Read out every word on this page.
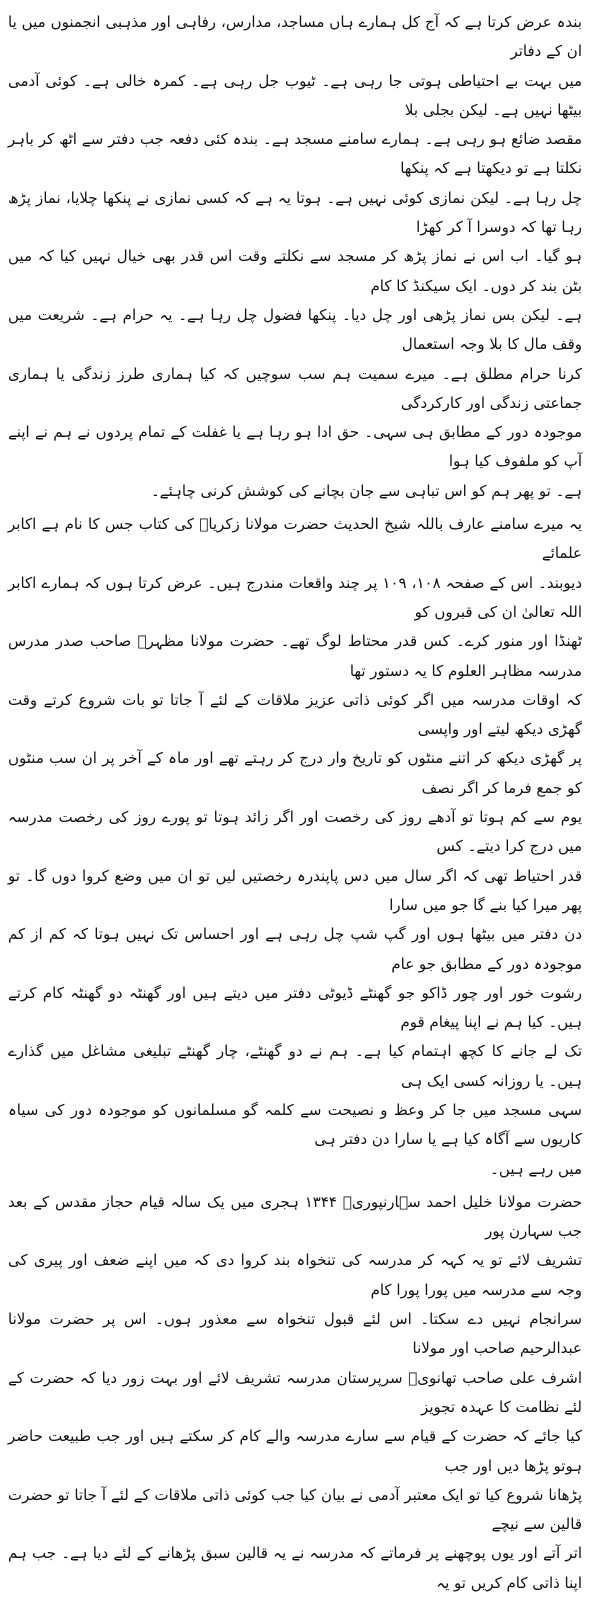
بندہ عرض کرتا ہے کہ آج کل ہمارے ہاں مساجد، مدارس، رفاہی اور مذہبی انجمنوں میں یا ان کے دفاتر

میں بہت بے احتیاطی ہوتی جا رہی ہے۔ ٹیوب جل رہی ہے۔ کمرہ خالی ہے۔ کوئی آدمی بیٹھا نہیں ہے۔ لیکن بجلی بلا

مقصد ضائع ہو رہی ہے۔ ہمارے سامنے مسجد ہے۔ بندہ کئی دفعہ جب دفتر سے اٹھ کر باہر نکلتا ہے تو دیکھتا ہے کہ پنکھا

چل رہا ہے۔ لیکن نمازی کوئی نہیں ہے۔ ہوتا یہ ہے کہ کسی نمازی نے پنکھا چلایا، نماز پڑھ رہا تھا کہ دوسرا آ کر کھڑا

ہو گیا۔ اب اس نے نماز پڑھ کر مسجد سے نکلتے وقت اس قدر بھی خیال نہیں کیا کہ میں بٹن بند کر دوں۔ ایک سیکنڈ کا کام

ہے۔ لیکن بس نماز پڑھی اور چل دیا۔ پنکھا فضول چل رہا ہے۔ یہ حرام ہے۔ شریعت میں وقف مال کا بلا وجہ استعمال

کرنا حرام مطلق ہے۔ میرے سمیت ہم سب سوچیں کہ کیا ہماری طرز زندگی یا ہماری جماعتی زندگی اور کارکردگی

موجودہ دور کے مطابق ہی سہی۔ حق ادا ہو رہا ہے یا غفلت کے تمام پردوں نے ہم نے اپنے آپ کو ملفوف کیا ہوا

ہے۔ تو پھر ہم کو اس تباہی سے جان بچانے کی کوشش کرنی چاہئے۔

یہ میرے سامنے عارف باللہ شیخ الحدیث حضرت مولانا زکریاؒ کی کتاب جس کا نام ہے اکابر علمائے

دیوبند۔ اس کے صفحہ ۱۰۸، ۱۰۹ پر چند واقعات مندرج ہیں۔ عرض کرتا ہوں کہ ہمارے اکابر اللہ تعالیٰ ان کی قبروں کو

ٹھنڈا اور منور کرے۔ کس قدر محتاط لوگ تھے۔ حضرت مولانا مظہرؒ صاحب صدر مدرس مدرسہ مظاہر العلوم کا یہ دستور تھا

کہ اوقات مدرسہ میں اگر کوئی ذاتی عزیز ملاقات کے لئے آ جاتا تو بات شروع کرتے وقت گھڑی دیکھ لیتے اور واپسی

پر گھڑی دیکھ کر اتنے منٹوں کو تاریخ وار درج کر رہتے تھے اور ماہ کے آخر پر ان سب منٹوں کو جمع فرما کر اگر نصف

یوم سے کم ہوتا تو آدھے روز کی رخصت اور اگر زائد ہوتا تو پورے روز کی رخصت مدرسہ میں درج کرا دیتے۔ کس

قدر احتیاط تھی کہ اگر سال میں دس پاپندرہ رخصتیں لیں تو ان میں وضع کروا دوں گا۔ تو پھر میرا کیا بنے گا جو میں سارا

دن دفتر میں بیٹھا ہوں اور گپ شپ چل رہی ہے اور احساس تک نہیں ہوتا کہ کم از کم موجودہ دور کے مطابق جو عام

رشوت خور اور چور ڈاکو جو گھنٹے ڈیوٹی دفتر میں دیتے ہیں اور گھنٹہ دو گھنٹہ کام کرتے ہیں۔ کیا ہم نے اپنا پیغام قوم

تک لے جانے کا کچھ اہتمام کیا ہے۔ ہم نے دو گھنٹے، چار گھنٹے تبلیغی مشاغل میں گذارے ہیں۔ یا روزانہ کسی ایک ہی

سہی مسجد میں جا کر وعظ و نصیحت سے کلمہ گو مسلمانوں کو موجودہ دور کی سیاہ کاریوں سے آگاہ کیا ہے یا سارا دن دفتر ہی

میں رہے ہیں۔

حضرت مولانا خلیل احمد سہارنپوریؒ ۱۳۴۴ ہجری میں یک سالہ قیام حجاز مقدس کے بعد جب سہارن پور

تشریف لائے تو یہ کہہ کر مدرسہ کی تنخواہ بند کروا دی کہ میں اپنے ضعف اور پیری کی وجہ سے مدرسہ میں پورا پورا کام

سرانجام نہیں دے سکتا۔ اس لئے قبول تنخواہ سے معذور ہوں۔ اس پر حضرت مولانا عبدالرحیم صاحب اور مولانا

اشرف علی صاحب تھانویؒ سرپرستان مدرسہ تشریف لائے اور بہت زور دیا کہ حضرت کے لئے نظامت کا عہدہ تجویز

کیا جائے کہ حضرت کے قیام سے سارے مدرسہ والے کام کر سکتے ہیں اور جب طبیعت حاضر ہوتو پڑھا دیں اور جب

پڑھانا شروع کیا تو ایک معتبر آدمی نے بیان کیا جب کوئی ذاتی ملاقات کے لئے آ جاتا تو حضرت قالین سے نیچے

اتر آتے اور یوں پوچھنے پر فرماتے کہ مدرسہ نے یہ قالین سبق پڑھانے کے لئے دیا ہے۔ جب ہم اپنا ذاتی کام کریں تو یہ
